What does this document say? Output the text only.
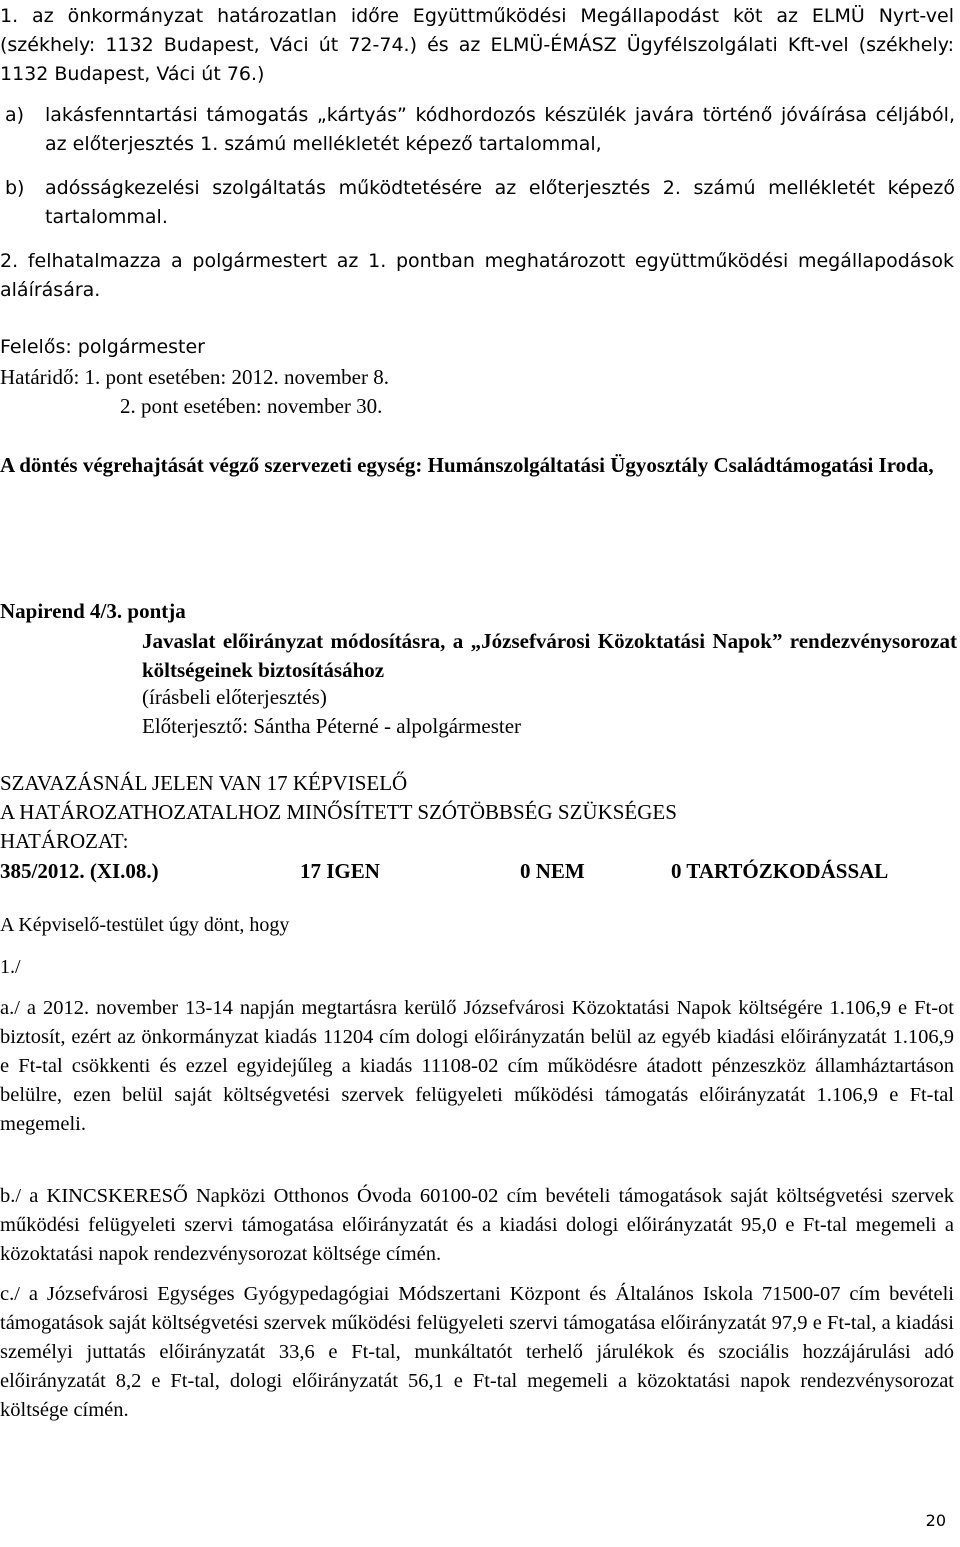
1. az önkormányzat határozatlan időre Együttműködési Megállapodást köt az ELMÜ Nyrt-vel (székhely: 1132 Budapest, Váci út 72-74.) és az ELMÜ-ÉMÁSZ Ügyfélszolgálati Kft-vel (székhely: 1132 Budapest, Váci út 76.)

a) lakásfenntartási támogatás „kártyás” kódhordozós készülék javára történő jóváírása céljából, az előterjesztés 1. számú mellékletét képező tartalommal,

b) adósságkezelési szolgáltatás működtetésére az előterjesztés 2. számú mellékletét képező tartalommal.

2. felhatalmazza a polgármestert az 1. pontban meghatározott együttműködési megállapodások aláírására.

Felelős: polgármester

Határidő: 1. pont esetében: 2012. november 8.

2. pont esetében: november 30.

A döntés végrehajtását végző szervezeti egység: Humánszolgáltatási Ügyosztály Családtámogatási Iroda,

Napirend 4/3. pontja

Javaslat előirányzat módosításra, a „Józsefvárosi Közoktatási Napok” rendezvénysorozat költségeinek biztosításához

(írásbeli előterjesztés)

Előterjesztő: Sántha Péterné - alpolgármester

SZAVAZÁSNÁL JELEN VAN 17 KÉPVISELŐ

A HATÁROZATHOZATALHOZ MINŐSÍTETT SZÓTÖBBSÉG SZÜKSÉGES

HATÁROZAT:

385/2012. (XI.08.)	17 IGEN	0 NEM	0 TARTÓZKODÁSSAL

A Képviselő-testület úgy dönt, hogy

1./

a./ a 2012. november 13-14 napján megtartásra kerülő Józsefvárosi Közoktatási Napok költségére 1.106,9 e Ft-ot biztosít, ezért az önkormányzat kiadás 11204 cím dologi előirányzatán belül az egyéb kiadási előirányzatát 1.106,9 e Ft-tal csökkenti és ezzel egyidejűleg a kiadás 11108-02 cím működésre átadott pénzeszköz államháztartáson belülre, ezen belül saját költségvetési szervek felügyeleti működési támogatás előirányzatát 1.106,9 e Ft-tal megemeli.

b./ a KINCSKERESŐ Napközi Otthonos Óvoda 60100-02 cím bevételi támogatások saját költségvetési szervek működési felügyeleti szervi támogatása előirányzatát és a kiadási dologi előirányzatát 95,0 e Ft-tal megemeli a közoktatási napok rendezvénysorozat költsége címén.

c./ a Józsefvárosi Egységes Gyógypedagógiai Módszertani Központ és Általános Iskola 71500-07 cím bevételi támogatások saját költségvetési szervek működési felügyeleti szervi támogatása előirányzatát 97,9 e Ft-tal, a kiadási személyi juttatás előirányzatát 33,6 e Ft-tal, munkáltatót terhelő járulékok és szociális hozzájárulási adó előirányzatát 8,2 e Ft-tal, dologi előirányzatát 56,1 e Ft-tal megemeli a közoktatási napok rendezvénysorozat költsége címén.

20
